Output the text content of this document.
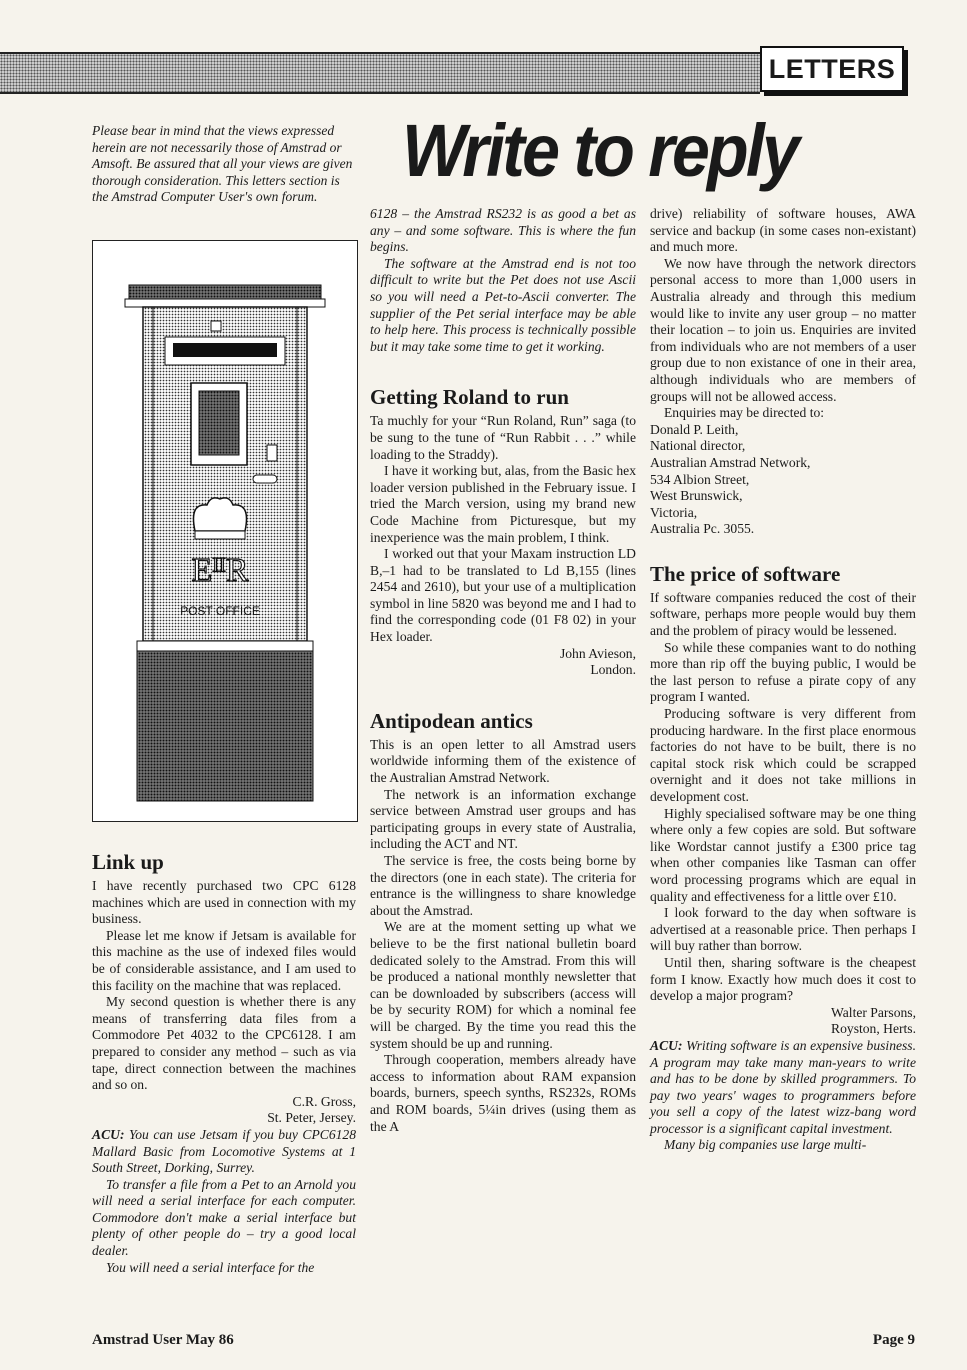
LETTERS
Please bear in mind that the views expressed herein are not necessarily those of Amstrad or Amsoft. Be assured that all your views are given thorough consideration. This letters section is the Amstrad Computer User's own forum.
Write to reply
EᴵᴵR
POST OFFICE
Link up

I have recently purchased two CPC 6128 machines which are used in connection with my business.

Please let me know if Jetsam is available for this machine as the use of indexed files would be of considerable assistance, and I am used to this facility on the machine that was replaced.

My second question is whether there is any means of transferring data files from a Commodore Pet 4032 to the CPC6128. I am prepared to consider any method – such as via tape, direct connection between the machines and so on.

C.R. Gross,

St. Peter, Jersey.

ACU: You can use Jetsam if you buy CPC6128 Mallard Basic from Locomotive Systems at 1 South Street, Dorking, Surrey.

To transfer a file from a Pet to an Arnold you will need a serial interface for each computer. Commodore don't make a serial interface but plenty of other people do – try a good local dealer.

You will need a serial interface for the

6128 – the Amstrad RS232 is as good a bet as any – and some software. This is where the fun begins.

The software at the Amstrad end is not too difficult to write but the Pet does not use Ascii so you will need a Pet-to-Ascii converter. The supplier of the Pet serial interface may be able to help here. This process is technically possible but it may take some time to get it working.

Getting Roland to run

Ta muchly for your “Run Roland, Run” saga (to be sung to the tune of “Run Rabbit . . .” while loading to the Straddy).

I have it working but, alas, from the Basic hex loader version published in the February issue. I tried the March version, using my brand new Code Machine from Picturesque, but my inexperience was the main problem, I think.

I worked out that your Maxam instruction LD B,–1 had to be translated to Ld B,155 (lines 2454 and 2610), but your use of a multiplication symbol in line 5820 was beyond me and I had to find the corresponding code (01 F8 02) in your Hex loader.

John Avieson,

London.

Antipodean antics

This is an open letter to all Amstrad users worldwide informing them of the existence of the Australian Amstrad Network.

The network is an information exchange service between Amstrad user groups and has participating groups in every state of Australia, including the ACT and NT.

The service is free, the costs being borne by the directors (one in each state). The criteria for entrance is the willingness to share knowledge about the Amstrad.

We are at the moment setting up what we believe to be the first national bulletin board dedicated solely to the Amstrad. From this will be produced a national monthly newsletter that can be downloaded by subscribers (access will be by security ROM) for which a nominal fee will be charged. By the time you read this the system should be up and running.

Through cooperation, members already have access to information about RAM expansion boards, burners, speech synths, RS232s, ROMs and ROM boards, 5¼in drives (using them as the A

drive) reliability of software houses, AWA service and backup (in some cases non-existant) and much more.

We now have through the network directors personal access to more than 1,000 users in Australia already and through this medium would like to invite any user group – no matter their location – to join us. Enquiries are invited from individuals who are not members of a user group due to non existance of one in their area, although individuals who are members of groups will not be allowed access.

Enquiries may be directed to:

Donald P. Leith,

National director,

Australian Amstrad Network,

534 Albion Street,

West Brunswick,

Victoria,

Australia Pc. 3055.

The price of software

If software companies reduced the cost of their software, perhaps more people would buy them and the problem of piracy would be lessened.

So while these companies want to do nothing more than rip off the buying public, I would be the last person to refuse a pirate copy of any program I wanted.

Producing software is very different from producing hardware. In the first place enormous factories do not have to be built, there is no capital stock risk which could be scrapped overnight and it does not take millions in development cost.

Highly specialised software may be one thing where only a few copies are sold. But software like Wordstar cannot justify a £300 price tag when other companies like Tasman can offer word processing programs which are equal in quality and effectiveness for a little over £10.

I look forward to the day when software is advertised at a reasonable price. Then perhaps I will buy rather than borrow.

Until then, sharing software is the cheapest form I know. Exactly how much does it cost to develop a major program?

Walter Parsons,

Royston, Herts.

ACU: Writing software is an expensive business. A program may take many man-years to write and has to be done by skilled programmers. To pay two years' wages to programmers before you sell a copy of the latest wizz-bang word processor is a significant capital investment.

Many big companies use large multi-

Amstrad User May 86	Page 9
